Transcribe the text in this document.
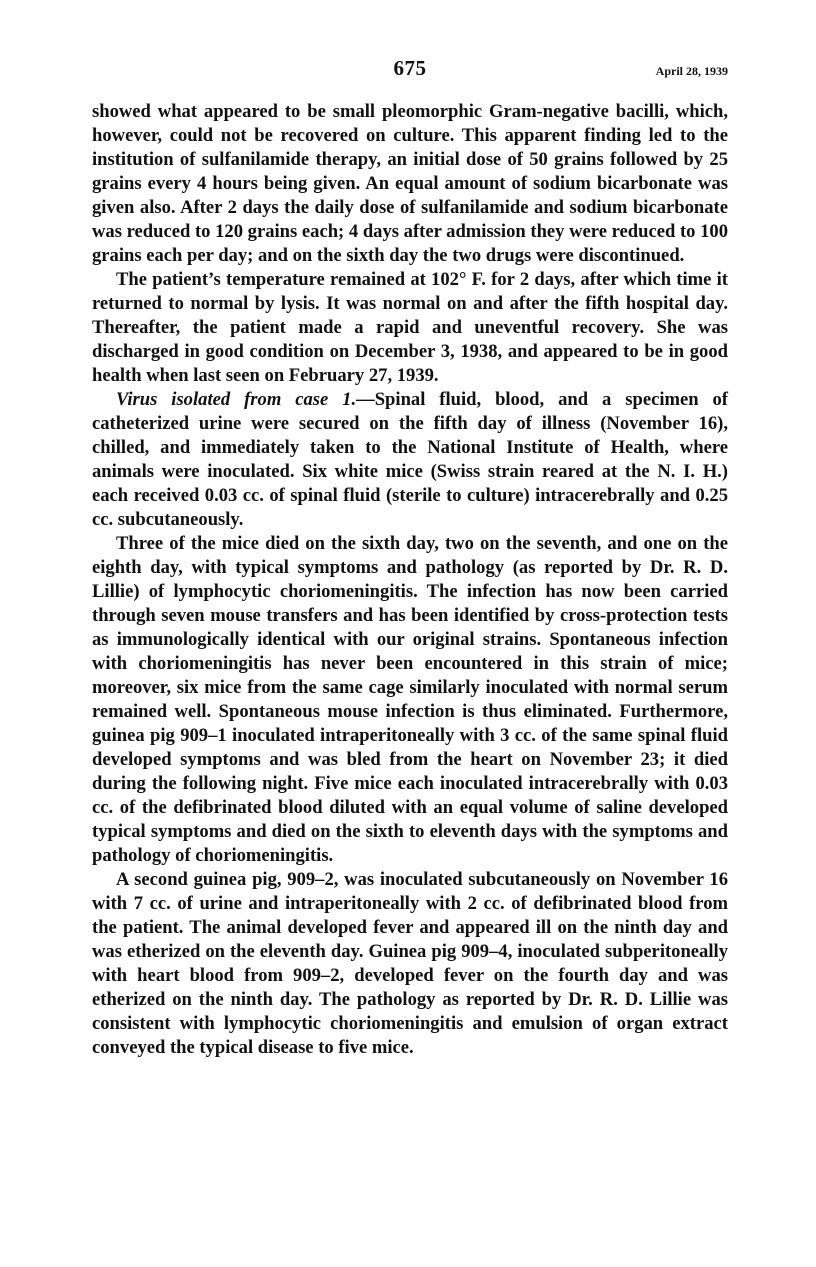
675	April 28, 1939

showed what appeared to be small pleomorphic Gram-negative bacilli, which, however, could not be recovered on culture. This apparent finding led to the institution of sulfanilamide therapy, an initial dose of 50 grains followed by 25 grains every 4 hours being given. An equal amount of sodium bicarbonate was given also. After 2 days the daily dose of sulfanilamide and sodium bicarbonate was reduced to 120 grains each; 4 days after admission they were reduced to 100 grains each per day; and on the sixth day the two drugs were discontinued.

The patient’s temperature remained at 102° F. for 2 days, after which time it returned to normal by lysis. It was normal on and after the fifth hospital day. Thereafter, the patient made a rapid and uneventful recovery. She was discharged in good condition on December 3, 1938, and appeared to be in good health when last seen on February 27, 1939.

Virus isolated from case 1.—Spinal fluid, blood, and a specimen of catheterized urine were secured on the fifth day of illness (November 16), chilled, and immediately taken to the National Institute of Health, where animals were inoculated. Six white mice (Swiss strain reared at the N. I. H.) each received 0.03 cc. of spinal fluid (sterile to culture) intracerebrally and 0.25 cc. subcutaneously.

Three of the mice died on the sixth day, two on the seventh, and one on the eighth day, with typical symptoms and pathology (as reported by Dr. R. D. Lillie) of lymphocytic choriomeningitis. The infection has now been carried through seven mouse transfers and has been identified by cross-protection tests as immunologically identical with our original strains. Spontaneous infection with choriomeningitis has never been encountered in this strain of mice; moreover, six mice from the same cage similarly inoculated with normal serum remained well. Spontaneous mouse infection is thus eliminated. Furthermore, guinea pig 909–1 inoculated intraperitoneally with 3 cc. of the same spinal fluid developed symptoms and was bled from the heart on November 23; it died during the following night. Five mice each inoculated intracerebrally with 0.03 cc. of the defibrinated blood diluted with an equal volume of saline developed typical symptoms and died on the sixth to eleventh days with the symptoms and pathology of choriomeningitis.

A second guinea pig, 909–2, was inoculated subcutaneously on November 16 with 7 cc. of urine and intraperitoneally with 2 cc. of defibrinated blood from the patient. The animal developed fever and appeared ill on the ninth day and was etherized on the eleventh day. Guinea pig 909–4, inoculated subperitoneally with heart blood from 909–2, developed fever on the fourth day and was etherized on the ninth day. The pathology as reported by Dr. R. D. Lillie was consistent with lymphocytic choriomeningitis and emulsion of organ extract conveyed the typical disease to five mice.
